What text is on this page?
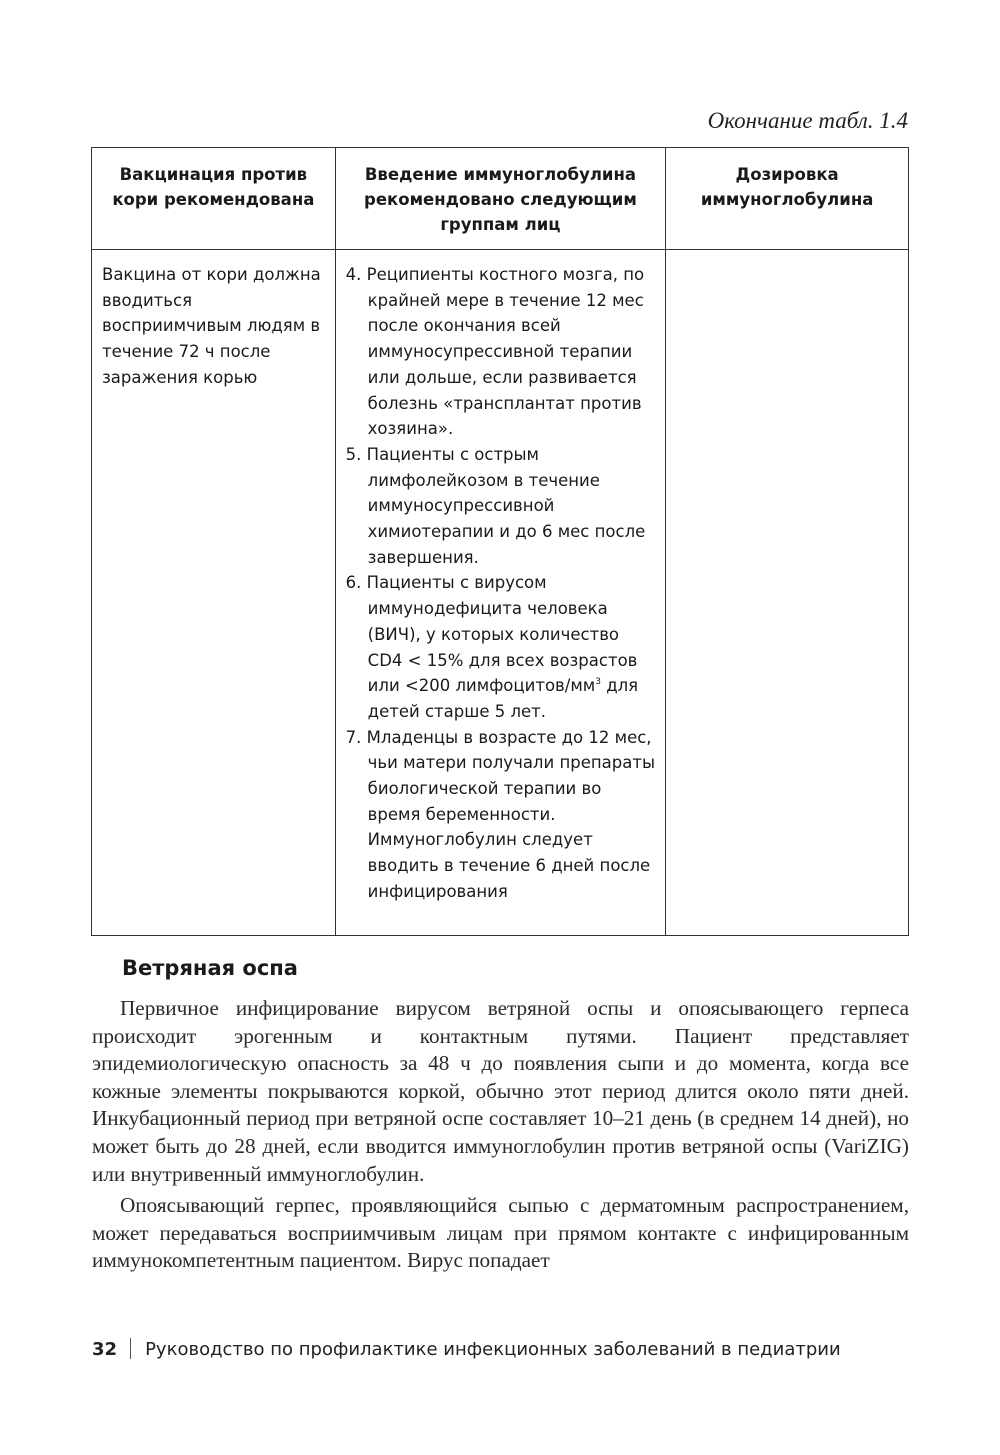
Окончание табл. 1.4
Вакцинация против кори рекомендована	Введение иммуноглобулина рекомендовано следующим группам лиц	Дозировка иммуноглобулина

Вакцина от кори должна вводиться восприимчивым людям в течение 72 ч после заражения корью	4. Реципиенты костного мозга, по крайней мере в течение 12 мес после окончания всей иммуносупрессивной терапии или дольше, если развивается болезнь «трансплантат против хозяина».
5. Пациенты с острым лимфолейкозом в течение иммуносупрессивной химиотерапии и до 6 мес после завершения.
6. Пациенты с вирусом иммунодефицита человека (ВИЧ), у которых количество CD4 < 15% для всех возрастов или <200 лимфоцитов/$мм^3$ для детей старше 5 лет.
7. Младенцы в возрасте до 12 мес, чьи матери получали препараты биологической терапии во время беременности.
Иммуноглобулин следует вводить в течение 6 дней после инфицирования	

Ветряная оспа

Первичное инфицирование вирусом ветряной оспы и опоясывающего герпеса происходит эрогенным и контактным путями. Пациент представляет эпидемиологическую опасность за 48 ч до появления сыпи и до момента, когда все кожные элементы покрываются коркой, обычно этот период длится около пяти дней. Инкубационный период при ветряной оспе составляет 10–21 день (в среднем 14 дней), но может быть до 28 дней, если вводится иммуноглобулин против ветряной оспы (VariZIG) или внутривенный иммуноглобулин.

Опоясывающий герпес, проявляющийся сыпью с дерматомным распространением, может передаваться восприимчивым лицам при прямом контакте с инфицированным иммунокомпетентным пациентом. Вирус попадает

32 Руководство по профилактике инфекционных заболеваний в педиатрии
